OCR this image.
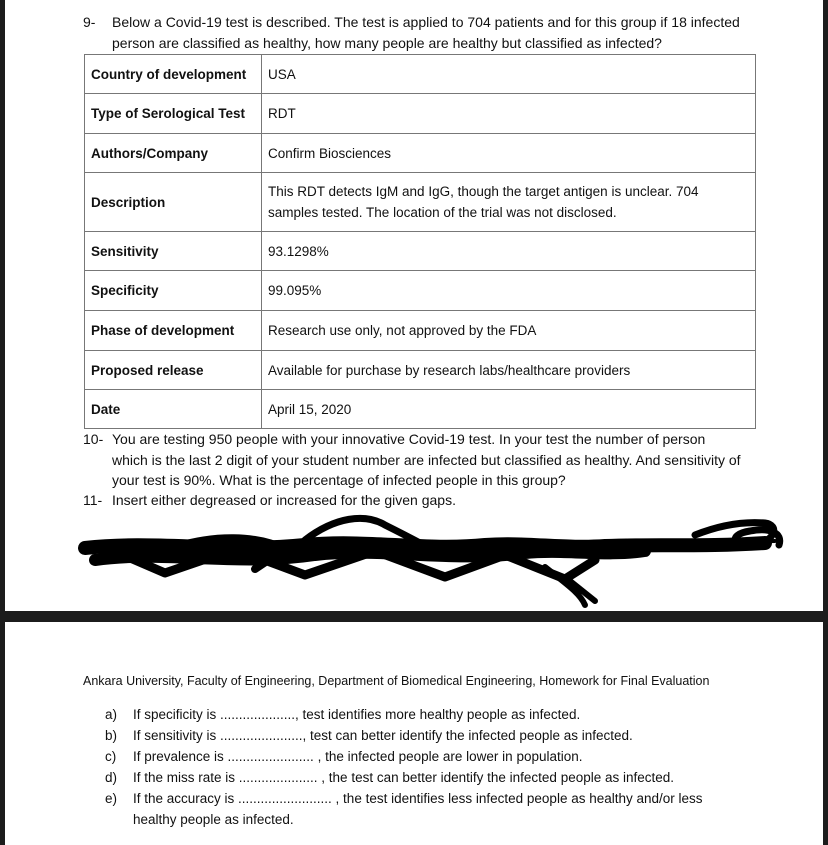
9- Below a Covid-19 test is described. The test is applied to 704 patients and for this group if 18 infected
person are classified as healthy, how many people are healthy but classified as infected?
Country of development	USA
Type of Serological Test	RDT
Authors/Company	Confirm Biosciences
Description	This RDT detects IgM and IgG, though the target antigen is unclear. 704 samples tested. The location of the trial was not disclosed.
Sensitivity	93.1298%
Specificity	99.095%
Phase of development	Research use only, not approved by the FDA
Proposed release	Available for purchase by research labs/healthcare providers
Date	April 15, 2020
10- You are testing 950 people with your innovative Covid-19 test. In your test the number of person
which is the last 2 digit of your student number are infected but classified as healthy. And sensitivity of
your test is 90%. What is the percentage of infected people in this group?
11- Insert either degreased or increased for the given gaps.
Ankara University, Faculty of Engineering, Department of Biomedical Engineering, Homework for Final Evaluation
a) If specificity is ...................., test identifies more healthy people as infected.
b) If sensitivity is ......................, test can better identify the infected people as infected.
c) If prevalence is ....................... , the infected people are lower in population.
d) If the miss rate is ..................... , the test can better identify the infected people as infected.
e) If the accuracy is ......................... , the test identifies less infected people as healthy and/or less healthy people as infected.
